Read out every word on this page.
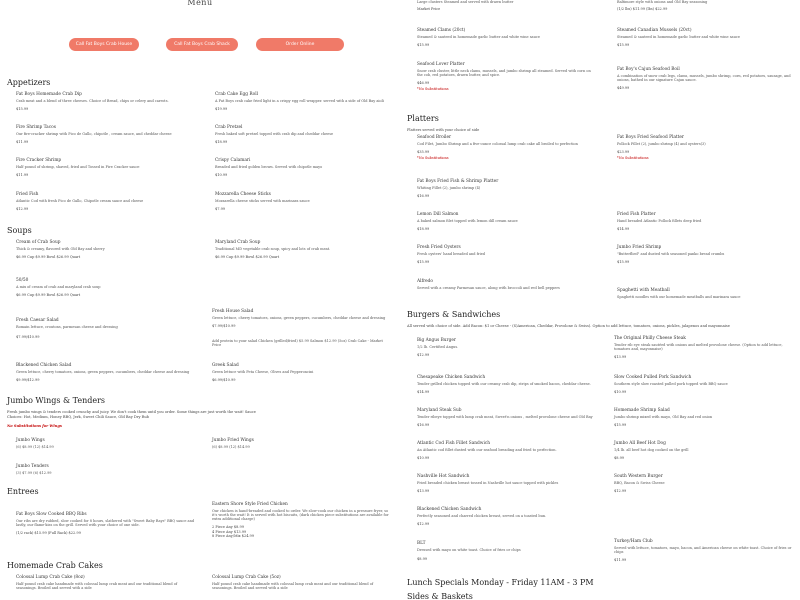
Menu
Call Fat Boys Crab House	Call Fat Boys Crab Shack	Order Online
Appetizers
Fat Boys Homemade Crab Dip
Crab meat and a blend of three cheeses. Choice of Bread, chips or celery and carrots.
$15.99
Crab Cake Egg Roll
A Fat Boys crab cake fried light in a crispy egg roll wrapper. served with a side of Old Bay aioli
$19.99
Fire Shrimp Tacos
Our fire-cracker shrimp with Pico de Gallo, chipotle , cream sauce, and cheddar cheese
$11.99
Crab Pretzel
Fresh baked soft pretzel topped with crab dip and cheddar cheese
$18.99
Fire Cracker Shrimp
Half pound of shrimp, shaved, fried and Tossed in Fire Cracker sauce
$11.99
Crispy Calamari
Breaded and fried golden brown. Served with chipotle mayo
$10.99
Fried Fish
Atlantic Cod with fresh Pico de Gallo, Chipotle cream sauce and cheese
$12.99
Mozzarella Cheese Sticks
Mozzarella cheese sticks served with marinara sauce
$7.99
Soups
Cream of Crab Soup
Thick & creamy, flavored with Old Bay and sherry
$6.99 Cup $9.99 Bowl $26.99 Quart
Maryland Crab Soup
Traditional MD vegetable crab soup, spicy and lots of crab meat.
$6.99 Cup $9.99 Bowl $26.99 Quart
50/50
A mix of cream of crab and maryland crab soup
$6.99 Cup $9.99 Bowl $26.99 Quart
Fresh Caesar Salad
Romain lettuce, croutons, parmesan cheese and dressing
$7.99/$10.99
Fresh House Salad
Green lettuce, cherry tomatoes, onions, green peppers, cucumbers, cheddar cheese and dressing
$7.99/$10.99
Add protein to your salad Chicken (grilled/fried) $5.99 Salmon $12.99 (5oz) Crab Cake - Market Price
Blackened Chicken Salad
Green lettuce, cherry tomatoes, onions, green peppers, cucumbers, cheddar cheese and dressing
$9.99/$12.99
Greek Salad
Green lettuce with Feta Cheese, Olives and Pepperoncini
$6.99/$10.99
Jumbo Wings & Tenders
Fresh jumbo wings & tenders cooked crunchy and juicy. We don't cook them until you order. Some things are just worth the wait! Sauce Choices: Hot, Medium, Honey BBQ, Jerk, Sweet Chili Sauce, Old Bay Dry Rub
No Substitutions for Wings
Jumbo Wings
(6) $8.99 (12) $14.99
Jumbo Fried Wings
(6) $8.99 (12) $14.99
Jumbo Tenders
(3) $7.99 (6) $12.99
Entrees
Fat Boys Slow Cooked BBQ Ribs
Our ribs are dry rubbed, slow cooked for 8 hours, slathered with "Sweet Baby Rays" BBQ sauce and lastly, our flame-kiss on the grill. Served with your choice of one side.
(1/2 rack) $15.99 (Full Rack) $22.99
Eastern Shore Style Fried Chicken
Our chicken is hand-breaded and cooked to order. We slow-cook our chicken in a pressure fryer, so it's worth the wait! It is served with hot biscuits, (dark chicken piece substitutions are available for extra additional charge)
2 Piece Any $8.99
4 Piece Any $13.99
8 Piece Any/Mix $24.99
Homemade Crab Cakes
Colossal Lump Crab Cake (8oz)
Half pound crab cake handmade with colossal lump crab meat and our traditional blend of seasonings. Broiled and served with a side
Colossal Lump Crab Cake (5oz)
Half pound crab cake handmade with colossal lump crab meat and our traditional blend of seasonings. Broiled and served with a side
Large clusters Steamed and served with drawn butter
Market Price
Baltimore style with onions and Old Bay seasoning
(1/2 lbs) $11.99 (lbs) $22.99
Steamed Clams (20ct)
Steamed & sauteed in homemade garlic butter and white wine sauce
$15.99
Steamed Canadian Mussels (20ct)
Steamed & sauteed in homemade garlic butter and white wine sauce
$15.99
Seafood Lover Platter
Snow crab cluster, little neck clams, mussels, and jumbo shrimp all steamed. Served with corn on the cob, red potatoes, drawn butter, and spice.
$46.99
*No Substitutions
Fat Boy's Cajun Seafood Boil
A combination of snow crab legs, clams, mussels, jumbo shrimp, corn, red potatoes, sausage, and onions, bathed in our signature Cajun sauce.
$49.99
Platters
Platters served with your choice of side
Seafood Broiler
Cod Filet, Jumbo Shrimp and a five-ounce colossal lump crab cake all broiled to perfection
$35.99
*No Substitutions
Fat Boys Fried Seafood Platter
Pollock Fillet (2), jumbo shrimp (4) and oysters(3)
$23.99
*No Substitutions
Fat Boys Fried Fish & Shrimp Platter
Whiting Fillet (2), jumbo shrimp (4)
$16.99
Lemon Dill Salmon
A baked salmon filet topped with lemon dill cream sauce
$18.99
Fried Fish Platter
Hand breaded Atlantic Pollock fillets deep fried
$14.99
Fresh Fried Oysters
Fresh oysters' hand breaded and fried
$15.99
Jumbo Fried Shrimp
"Butterflied" and dusted with seasoned panko bread crumbs
$15.99
Alfredo
Served with a creamy Parmesan sauce, along with broccoli and red bell peppers
Spaghetti with Meatball
Spaghetti noodles with our homemade meatballs and marinara sauce
Burgers & Sandwiches
All served with choice of side. Add Bacon: $1 or Cheese - (S)American, Cheddar, Provolone & Swiss). Option to add lettuce, tomatoes, onions, pickles, jalapenos and mayonnaise
Big Angus Burger
1/2 lb. Certified Angus.
$12.99
The Original Philly Cheese Steak
Tender rib eye steak sautéed with onions and melted provolone cheese. (Option to add lettuce, tomatoes and, mayonnaise)
$13.99
Chesapeake Chicken Sandwich
Tender grilled chicken topped with our creamy crab dip, strips of smoked bacon, cheddar cheese.
$14.99
Slow Cooked Pulled Pork Sandwich
Southern style slow roasted pulled pork topped with BBQ sauce
$10.99
Maryland Steak Sub
Tender ribeye topped with lump crab meat, Sweet'n onions , melted provolone cheese and Old Bay
$16.99
Homemade Shrimp Salad
Jumbo shrimp mixed with mayo, Old Bay and red onion
$15.99
Atlantic Cod Fish Fillet Sandwich
An Atlantic cod fillet dusted with our seafood breading and fried to perfection.
$10.99
Jumbo All Beef Hot Dog
1/4 lb. all beef hot dog cooked on the grill
$8.99
Nashville Hot Sandwich
Fried breaded chicken breast tossed in Nashville hot sauce topped with pickles
$13.99
South Western Burger
BBQ, Bacon & Swiss Cheese
$12.99
Blackened Chicken Sandwich
Perfectly seasoned and charred chicken breast, served on a toasted bun.
$12.99
BLT
Dressed with mayo on white toast. Choice of fries or chips
$8.99
Turkey/Ham Club
Served with lettuce, tomatoes, mayo, bacon, and American cheese on white toast. Choice of fries or chips
$11.99
Lunch Specials Monday - Friday 11AM - 3 PM
Sides & Baskets
